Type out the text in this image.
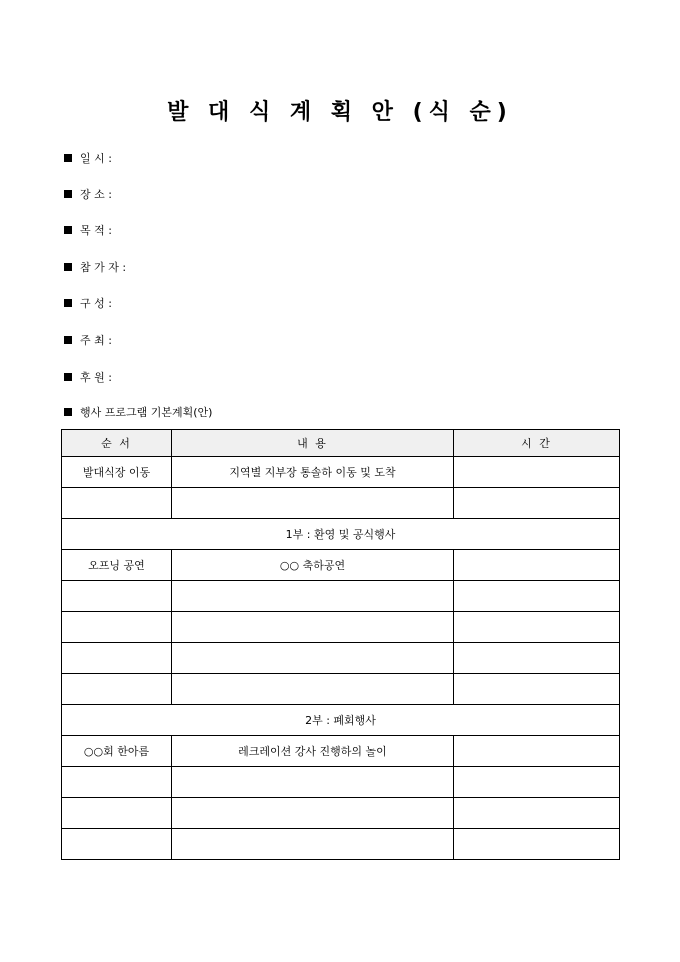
발 대 식 계 획 안 (식 순)
일 시 :
장 소 :
목 적 :
참 가 자 :
구 성 :
주 최 :
후 원 :
행사 프로그램 기본계획(안)
순 서	내 용	시 간
발대식장 이동	지역별 지부장 통솔하 이동 및 도착	

1부 : 환영 및 공식행사		
오프닝 공연	○○ 축하공연	

2부 : 폐회행사		
○○회 한아름	레크레이션 강사 진행하의 놀이	
